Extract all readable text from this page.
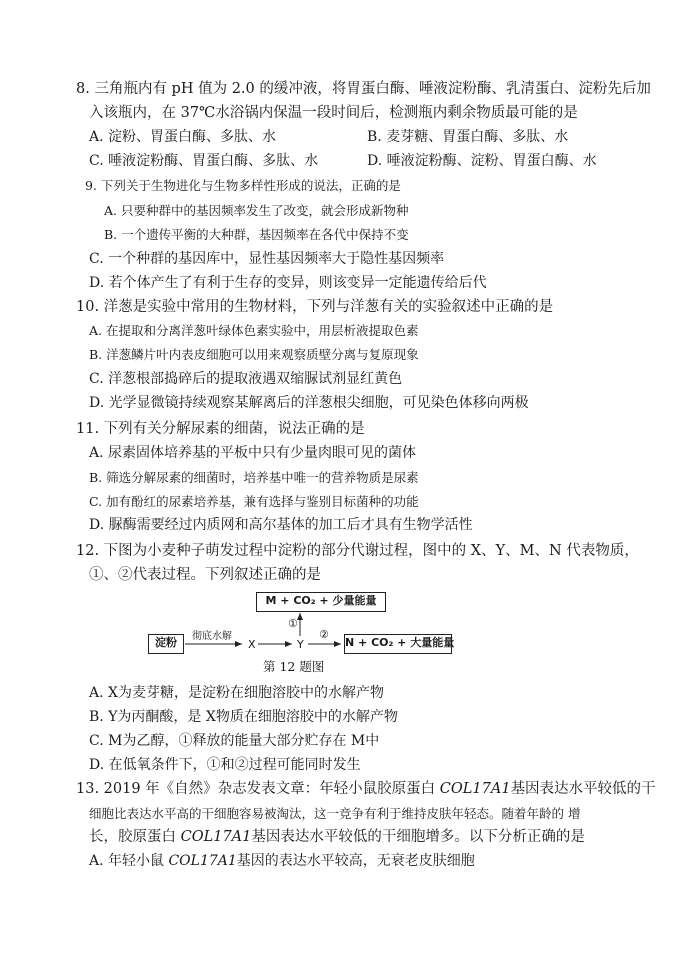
8. 三角瓶内有 pH 值为 2.0 的缓冲液，将胃蛋白酶、唾液淀粉酶、乳清蛋白、淀粉先后加
入该瓶内，在 37℃水浴锅内保温一段时间后，检测瓶内剩余物质最可能的是
A. 淀粉、胃蛋白酶、多肽、水	B. 麦芽糖、胃蛋白酶、多肽、水
C. 唾液淀粉酶、胃蛋白酶、多肽、水	D. 唾液淀粉酶、淀粉、胃蛋白酶、水
9. 下列关于生物进化与生物多样性形成的说法，正确的是
A. 只要种群中的基因频率发生了改变，就会形成新物种
B. 一个遗传平衡的大种群，基因频率在各代中保持不变
C. 一个种群的基因库中，显性基因频率大于隐性基因频率
D. 若个体产生了有利于生存的变异，则该变异一定能遗传给后代
10. 洋葱是实验中常用的生物材料，下列与洋葱有关的实验叙述中正确的是
A. 在提取和分离洋葱叶绿体色素实验中，用层析液提取色素
B. 洋葱鳞片叶内表皮细胞可以用来观察质壁分离与复原现象
C. 洋葱根部捣碎后的提取液遇双缩脲试剂显红黄色
D. 光学显微镜持续观察某解离后的洋葱根尖细胞，可见染色体移向两极
11. 下列有关分解尿素的细菌，说法正确的是
A. 尿素固体培养基的平板中只有少量肉眼可见的菌体
B. 筛选分解尿素的细菌时，培养基中唯一的营养物质是尿素
C. 加有酚红的尿素培养基，兼有选择与鉴别目标菌种的功能
D. 脲酶需要经过内质网和高尔基体的加工后才具有生物学活性
12. 下图为小麦种子萌发过程中淀粉的部分代谢过程，图中的 X、Y、M、N 代表物质，
①、②代表过程。下列叙述正确的是
M + CO₂ + 少量能量
淀粉	彻底水解
X	Y
①
②
N + CO₂ + 大量能量
第 12 题图
A. X为麦芽糖，是淀粉在细胞溶胶中的水解产物
B. Y为丙酮酸，是 X物质在细胞溶胶中的水解产物
C. M为乙醇，①释放的能量大部分贮存在 M中
D. 在低氧条件下，①和②过程可能同时发生
13. 2019 年《自然》杂志发表文章：年轻小鼠胶原蛋白 COL17A1基因表达水平较低的干
细胞比表达水平高的干细胞容易被淘汰，这一竞争有利于维持皮肤年轻态。随着年龄的 增
长，胶原蛋白 COL17A1基因表达水平较低的干细胞增多。以下分析正确的是
A. 年轻小鼠 COL17A1基因的表达水平较高，无衰老皮肤细胞
